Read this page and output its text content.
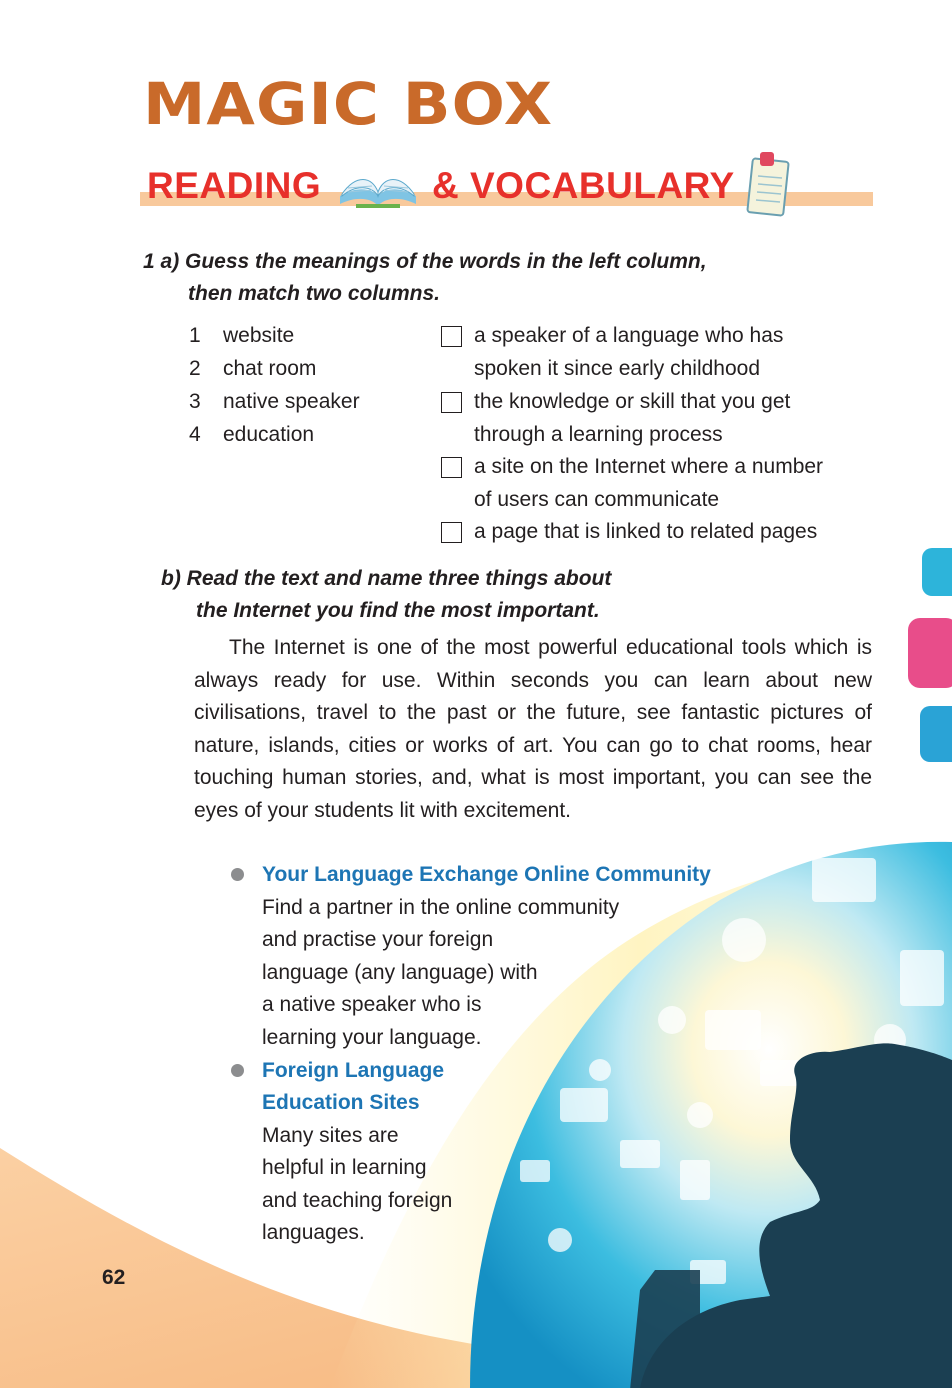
MAGIC BOX
READING	& VOCABULARY

1 a) Guess the meanings of the words in the left column,
then match two columns.

1 website
2 chat room
3 native speaker
4 education
a speaker of a language who has
spoken it since early childhood
the knowledge or skill that you get
through a learning process
a site on the Internet where a number
of users can communicate
a page that is linked to related pages

b) Read the text and name three things about
the Internet you find the most important.

The Internet is one of the most powerful educational tools which is always ready for use. Within seconds you can learn about new civilisations, travel to the past or the future, see fantastic pictures of nature, islands, cities or works of art. You can go to chat rooms, hear touching human stories, and, what is most important, you can see the eyes of your students lit with excitement.

Your Language Exchange Online Community
Find a partner in the online community
and practise your foreign
language (any language) with
a native speaker who is
learning your language.
Foreign Language
Education Sites
Many sites are
helpful in learning
and teaching foreign
languages.
62
